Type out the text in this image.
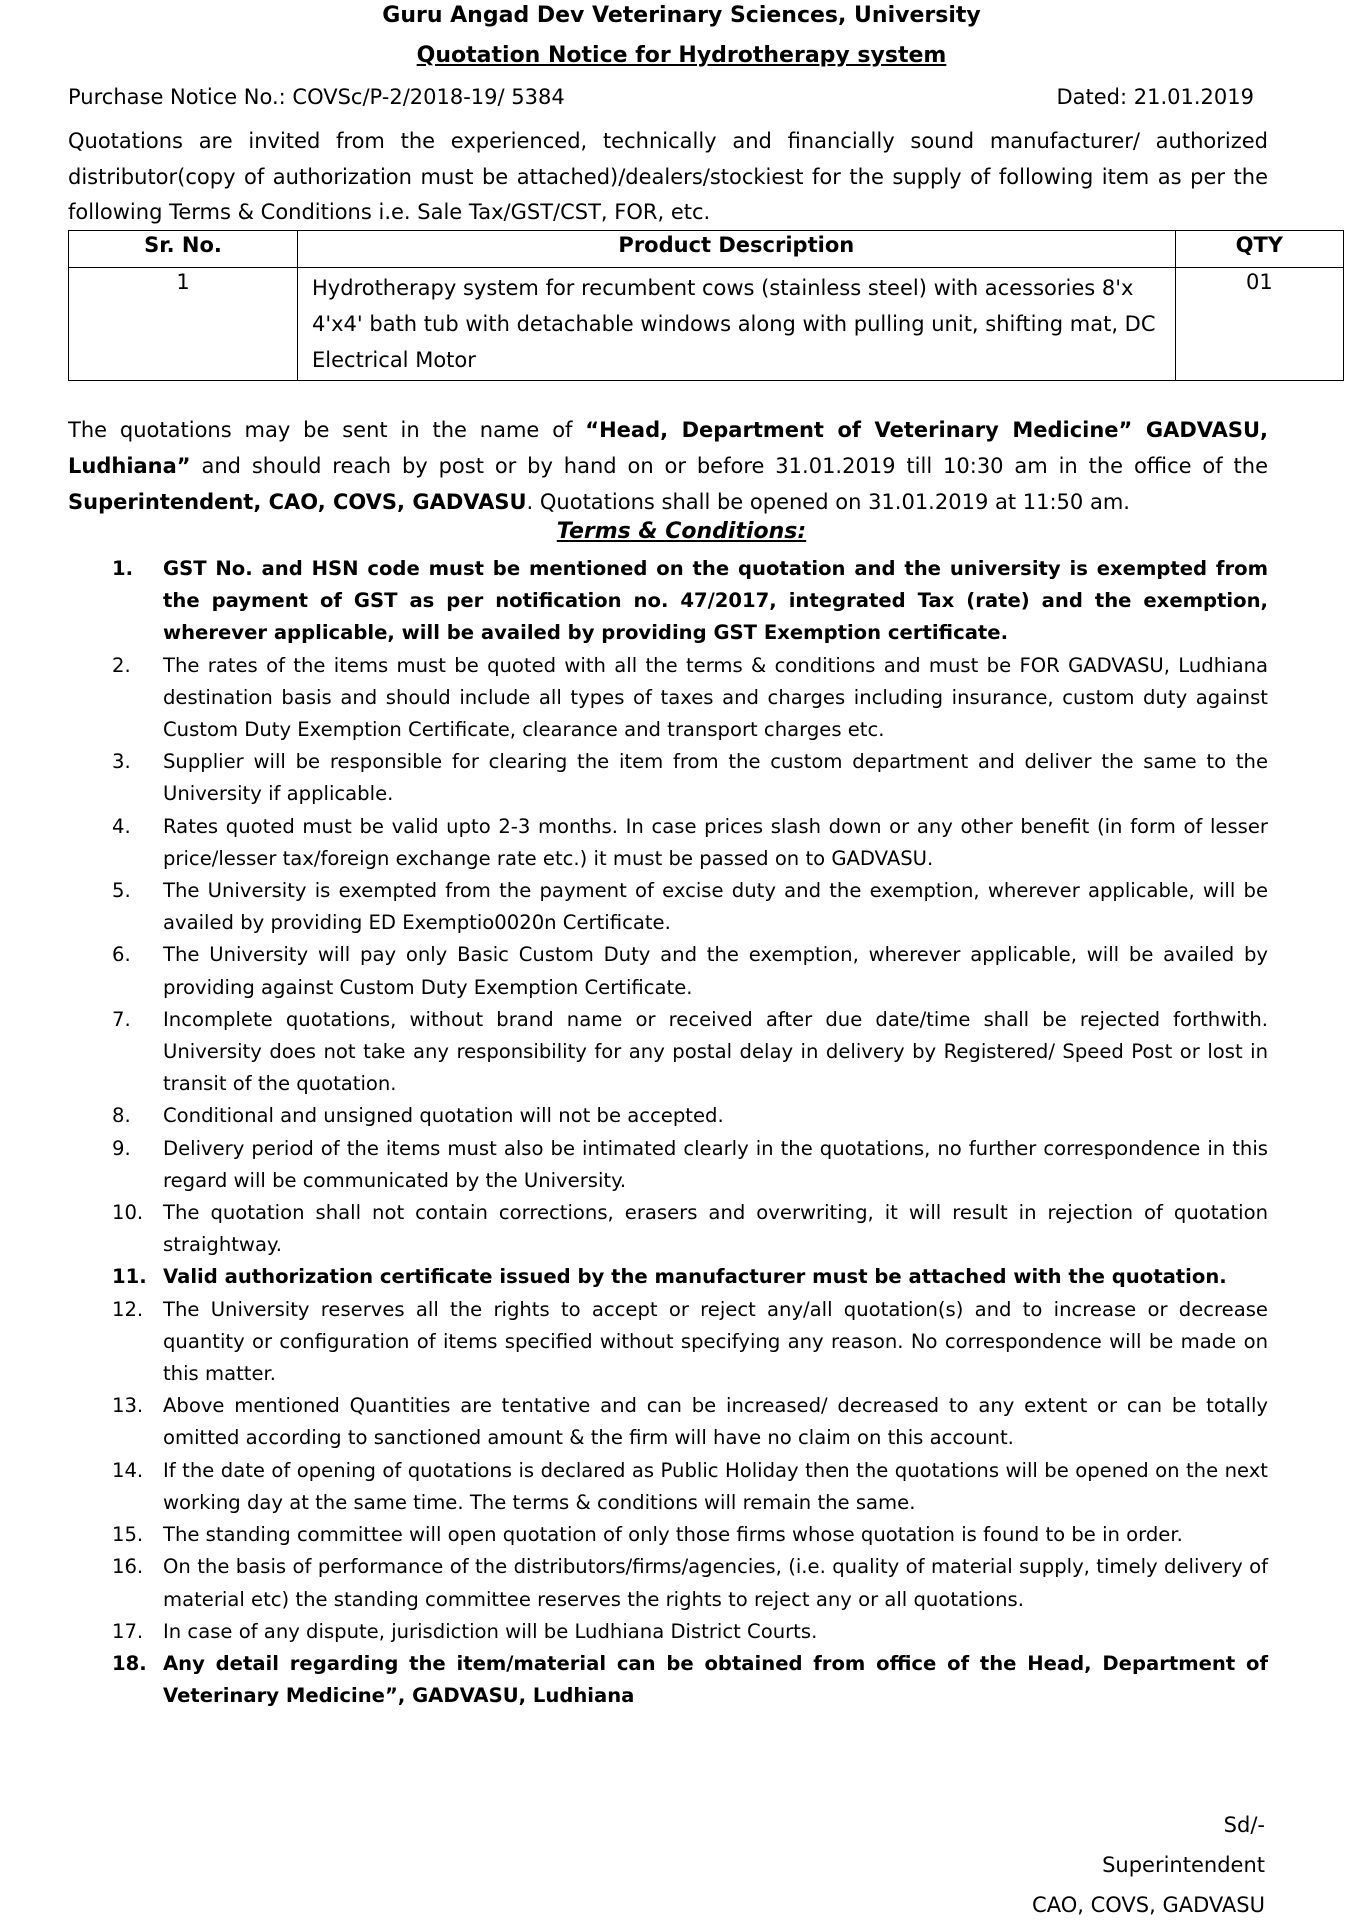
Guru Angad Dev Veterinary Sciences, University
Quotation Notice for Hydrotherapy system
Purchase Notice No.: COVSc/P-2/2018-19/ 5384	Dated: 21.01.2019
Quotations are invited from the experienced, technically and financially sound manufacturer/ authorized distributor(copy of authorization must be attached)/dealers/stockiest for the supply of following item as per the following Terms & Conditions i.e. Sale Tax/GST/CST, FOR, etc.
Sr. No.	Product Description	QTY
1	Hydrotherapy system for recumbent cows (stainless steel) with acessories 8'x 4'x4' bath tub with detachable windows along with pulling unit, shifting mat, DC Electrical Motor	01
The quotations may be sent in the name of “Head, Department of Veterinary Medicine” GADVASU, Ludhiana” and should reach by post or by hand on or before 31.01.2019 till 10:30 am in the office of the Superintendent, CAO, COVS, GADVASU. Quotations shall be opened on 31.01.2019 at 11:50 am.
Terms & Conditions:
1. GST No. and HSN code must be mentioned on the quotation and the university is exempted from the payment of GST as per notification no. 47/2017, integrated Tax (rate) and the exemption, wherever applicable, will be availed by providing GST Exemption certificate.
2. The rates of the items must be quoted with all the terms & conditions and must be FOR GADVASU, Ludhiana destination basis and should include all types of taxes and charges including insurance, custom duty against Custom Duty Exemption Certificate, clearance and transport charges etc.
3. Supplier will be responsible for clearing the item from the custom department and deliver the same to the University if applicable.
4. Rates quoted must be valid upto 2-3 months. In case prices slash down or any other benefit (in form of lesser price/lesser tax/foreign exchange rate etc.) it must be passed on to GADVASU.
5. The University is exempted from the payment of excise duty and the exemption, wherever applicable, will be availed by providing ED Exemptio0020n Certificate.
6. The University will pay only Basic Custom Duty and the exemption, wherever applicable, will be availed by providing against Custom Duty Exemption Certificate.
7. Incomplete quotations, without brand name or received after due date/time shall be rejected forthwith. University does not take any responsibility for any postal delay in delivery by Registered/ Speed Post or lost in transit of the quotation.
8. Conditional and unsigned quotation will not be accepted.
9. Delivery period of the items must also be intimated clearly in the quotations, no further correspondence in this regard will be communicated by the University.
10. The quotation shall not contain corrections, erasers and overwriting, it will result in rejection of quotation straightway.
11. Valid authorization certificate issued by the manufacturer must be attached with the quotation.
12. The University reserves all the rights to accept or reject any/all quotation(s) and to increase or decrease quantity or configuration of items specified without specifying any reason. No correspondence will be made on this matter.
13. Above mentioned Quantities are tentative and can be increased/ decreased to any extent or can be totally omitted according to sanctioned amount & the firm will have no claim on this account.
14. If the date of opening of quotations is declared as Public Holiday then the quotations will be opened on the next working day at the same time. The terms & conditions will remain the same.
15. The standing committee will open quotation of only those firms whose quotation is found to be in order.
16. On the basis of performance of the distributors/firms/agencies, (i.e. quality of material supply, timely delivery of material etc) the standing committee reserves the rights to reject any or all quotations.
17. In case of any dispute, jurisdiction will be Ludhiana District Courts.
18. Any detail regarding the item/material can be obtained from office of the Head, Department of Veterinary Medicine”, GADVASU, Ludhiana
Sd/-
Superintendent
CAO, COVS, GADVASU
